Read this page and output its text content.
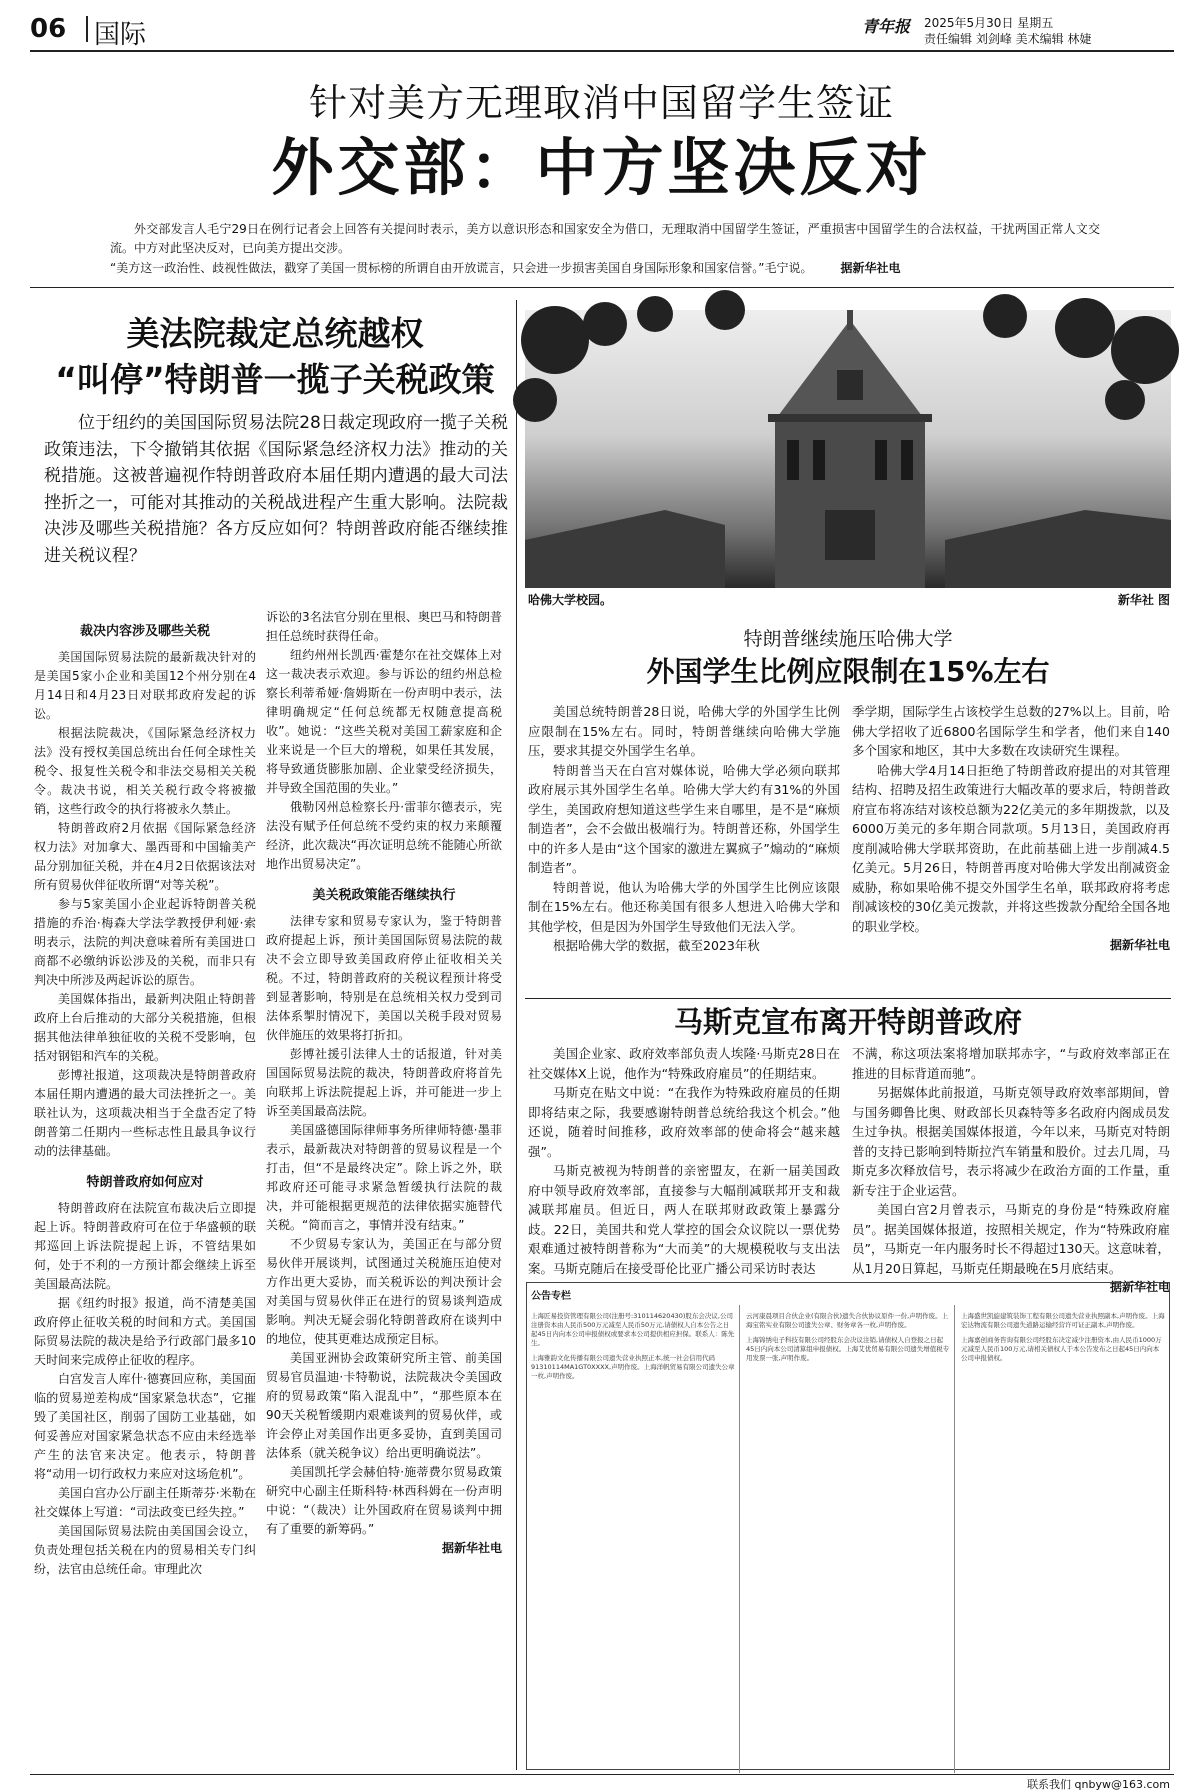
06 国际	青年报	2025年5月30日 星期五
责任编辑 刘剑峰 美术编辑 林婕
针对美方无理取消中国留学生签证
外交部：中方坚决反对

外交部发言人毛宁29日在例行记者会上回答有关提问时表示，美方以意识形态和国家安全为借口，无理取消中国留学生签证，严重损害中国留学生的合法权益，干扰两国正常人文交流。中方对此坚决反对，已向美方提出交涉。

“美方这一政治性、歧视性做法，戳穿了美国一贯标榜的所谓自由开放谎言，只会进一步损害美国自身国际形象和国家信誉。”毛宁说。 据新华社电
美法院裁定总统越权
“叫停”特朗普一揽子关税政策

位于纽约的美国国际贸易法院28日裁定现政府一揽子关税政策违法，下令撤销其依据《国际紧急经济权力法》推动的关税措施。这被普遍视作特朗普政府本届任期内遭遇的最大司法挫折之一，可能对其推动的关税战进程产生重大影响。法院裁决涉及哪些关税措施？各方反应如何？特朗普政府能否继续推进关税议程？

裁决内容涉及哪些关税

美国国际贸易法院的最新裁决针对的是美国5家小企业和美国12个州分别在4月14日和4月23日对联邦政府发起的诉讼。

根据法院裁决，《国际紧急经济权力法》没有授权美国总统出台任何全球性关税令、报复性关税令和非法交易相关关税令。裁决书说，相关关税行政令将被撤销，这些行政令的执行将被永久禁止。

特朗普政府2月依据《国际紧急经济权力法》对加拿大、墨西哥和中国输美产品分别加征关税，并在4月2日依据该法对所有贸易伙伴征收所谓“对等关税”。

参与5家美国小企业起诉特朗普关税措施的乔治·梅森大学法学教授伊利娅·索明表示，法院的判决意味着所有美国进口商都不必缴纳诉讼涉及的关税，而非只有判决中所涉及两起诉讼的原告。

美国媒体指出，最新判决阻止特朗普政府上台后推动的大部分关税措施，但根据其他法律单独征收的关税不受影响，包括对钢铝和汽车的关税。

彭博社报道，这项裁决是特朗普政府本届任期内遭遇的最大司法挫折之一。美联社认为，这项裁决相当于全盘否定了特朗普第二任期内一些标志性且最具争议行动的法律基础。

特朗普政府如何应对

特朗普政府在法院宣布裁决后立即提起上诉。特朗普政府可在位于华盛顿的联邦巡回上诉法院提起上诉，不管结果如何，处于不利的一方预计都会继续上诉至美国最高法院。

据《纽约时报》报道，尚不清楚美国政府停止征收关税的时间和方式。美国国际贸易法院的裁决是给予行政部门最多10天时间来完成停止征收的程序。

白宫发言人库什·德赛回应称，美国面临的贸易逆差构成“国家紧急状态”，它摧毁了美国社区，削弱了国防工业基础，如何妥善应对国家紧急状态不应由未经选举产生的法官来决定。他表示，特朗普将“动用一切行政权力来应对这场危机”。

美国白宫办公厅副主任斯蒂芬·米勒在社交媒体上写道：“司法政变已经失控。”

美国国际贸易法院由美国国会设立，负责处理包括关税在内的贸易相关专门纠纷，法官由总统任命。审理此次

诉讼的3名法官分别在里根、奥巴马和特朗普担任总统时获得任命。

纽约州州长凯西·霍楚尔在社交媒体上对这一裁决表示欢迎。参与诉讼的纽约州总检察长利蒂希娅·詹姆斯在一份声明中表示，法律明确规定“任何总统都无权随意提高税收”。她说：“这些关税对美国工薪家庭和企业来说是一个巨大的增税，如果任其发展，将导致通货膨胀加剧、企业蒙受经济损失，并导致全国范围的失业。”

俄勒冈州总检察长丹·雷菲尔德表示，宪法没有赋予任何总统不受约束的权力来颠覆经济，此次裁决“再次证明总统不能随心所欲地作出贸易决定”。

美关税政策能否继续执行

法律专家和贸易专家认为，鉴于特朗普政府提起上诉，预计美国国际贸易法院的裁决不会立即导致美国政府停止征收相关关税。不过，特朗普政府的关税议程预计将受到显著影响，特别是在总统相关权力受到司法体系掣肘情况下，美国以关税手段对贸易伙伴施压的效果将打折扣。

彭博社援引法律人士的话报道，针对美国国际贸易法院的裁决，特朗普政府将首先向联邦上诉法院提起上诉，并可能进一步上诉至美国最高法院。

美国盛德国际律师事务所律师特德·墨菲表示，最新裁决对特朗普的贸易议程是一个打击，但“不是最终决定”。除上诉之外，联邦政府还可能寻求紧急暂缓执行法院的裁决，并可能根据更规范的法律依据实施替代关税。“简而言之，事情并没有结束。”

不少贸易专家认为，美国正在与部分贸易伙伴开展谈判，试图通过关税施压迫使对方作出更大妥协，而关税诉讼的判决预计会对美国与贸易伙伴正在进行的贸易谈判造成影响。判决无疑会弱化特朗普政府在谈判中的地位，使其更难达成预定目标。

美国亚洲协会政策研究所主管、前美国贸易官员温迪·卡特勒说，法院裁决令美国政府的贸易政策“陷入混乱中”，“那些原本在90天关税暂缓期内艰难谈判的贸易伙伴，或许会停止对美国作出更多妥协，直到美国司法体系（就关税争议）给出更明确说法”。

美国凯托学会赫伯特·施蒂费尔贸易政策研究中心副主任斯科特·林西科姆在一份声明中说：“（裁决）让外国政府在贸易谈判中拥有了重要的新筹码。”

据新华社电
哈佛大学校园。	新华社 图
特朗普继续施压哈佛大学
外国学生比例应限制在15%左右

美国总统特朗普28日说，哈佛大学的外国学生比例应限制在15%左右。同时，特朗普继续向哈佛大学施压，要求其提交外国学生名单。

特朗普当天在白宫对媒体说，哈佛大学必须向联邦政府展示其外国学生名单。哈佛大学大约有31%的外国学生，美国政府想知道这些学生来自哪里，是不是“麻烦制造者”，会不会做出极端行为。特朗普还称，外国学生中的许多人是由“这个国家的激进左翼疯子”煽动的“麻烦制造者”。

特朗普说，他认为哈佛大学的外国学生比例应该限制在15%左右。他还称美国有很多人想进入哈佛大学和其他学校，但是因为外国学生导致他们无法入学。

根据哈佛大学的数据，截至2023年秋

季学期，国际学生占该校学生总数的27%以上。目前，哈佛大学招收了近6800名国际学生和学者，他们来自140多个国家和地区，其中大多数在攻读研究生课程。

哈佛大学4月14日拒绝了特朗普政府提出的对其管理结构、招聘及招生政策进行大幅改革的要求后，特朗普政府宣布将冻结对该校总额为22亿美元的多年期拨款，以及6000万美元的多年期合同款项。5月13日，美国政府再度削减哈佛大学联邦资助，在此前基础上进一步削减4.5亿美元。5月26日，特朗普再度对哈佛大学发出削减资金威胁，称如果哈佛不提交外国学生名单，联邦政府将考虑削减该校的30亿美元拨款，并将这些拨款分配给全国各地的职业学校。

据新华社电
马斯克宣布离开特朗普政府

美国企业家、政府效率部负责人埃隆·马斯克28日在社交媒体X上说，他作为“特殊政府雇员”的任期结束。

马斯克在贴文中说：“在我作为特殊政府雇员的任期即将结束之际，我要感谢特朗普总统给我这个机会。”他还说，随着时间推移，政府效率部的使命将会“越来越强”。

马斯克被视为特朗普的亲密盟友，在新一届美国政府中领导政府效率部，直接参与大幅削减联邦开支和裁减联邦雇员。但近日，两人在联邦财政政策上暴露分歧。22日，美国共和党人掌控的国会众议院以一票优势艰难通过被特朗普称为“大而美”的大规模税收与支出法案。马斯克随后在接受哥伦比亚广播公司采访时表达

不满，称这项法案将增加联邦赤字，“与政府效率部正在推进的目标背道而驰”。

另据媒体此前报道，马斯克领导政府效率部期间，曾与国务卿鲁比奥、财政部长贝森特等多名政府内阁成员发生过争执。根据美国媒体报道，今年以来，马斯克对特朗普的支持已影响到特斯拉汽车销量和股价。过去几周，马斯克多次释放信号，表示将减少在政治方面的工作量，重新专注于企业运营。

美国白宫2月曾表示，马斯克的身份是“特殊政府雇员”。据美国媒体报道，按照相关规定，作为“特殊政府雇员”，马斯克一年内服务时长不得超过130天。这意味着，从1月20日算起，马斯克任期最晚在5月底结束。

据新华社电
公告专栏

上海匠易投资管理有限公司(注册号:310114620430)股东会决议,公司注册资本由人民币500万元减至人民币50万元,请债权人自本公告之日起45日内向本公司申报债权或要求本公司提供相应担保。联系人：陈先生。

上海雅韵文化传播有限公司遗失营业执照正本,统一社会信用代码91310114MA1GT0XXXX,声明作废。上海洋帆贸易有限公司遗失公章一枚,声明作废。

云河康晨项目合伙企业(有限合伙)遗失合伙协议原件一份,声明作废。上海宝铭实业有限公司遗失公章、财务章各一枚,声明作废。

上海锦绣电子科技有限公司经股东会决议注销,请债权人自登报之日起45日内向本公司清算组申报债权。上海艾优贸易有限公司遗失增值税专用发票一张,声明作废。

上海盛世凯旋建筑装饰工程有限公司遗失营业执照副本,声明作废。上海宏达物流有限公司遗失道路运输经营许可证正副本,声明作废。

上海嘉创商务咨询有限公司经股东决定减少注册资本,由人民币1000万元减至人民币100万元,请相关债权人于本公告发布之日起45日内向本公司申报债权。

联系我们 qnbyw@163.com
